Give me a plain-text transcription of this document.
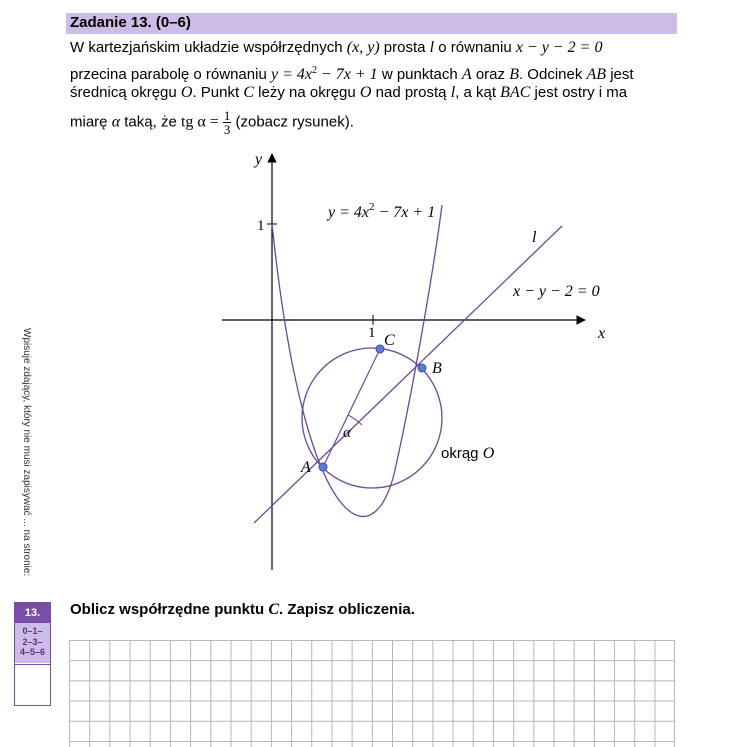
Zadanie 13. (0–6)
W kartezjańskim układzie współrzędnych (x, y) prosta l o równaniu x − y − 2 = 0
przecina parabolę o równaniu $y = 4x^2 - 7x + 1$ w punktach A oraz B. Odcinek AB jest
średnicą okręgu O. Punkt C leży na okręgu O nad prostą l, a kąt BAC jest ostry i ma
miarę α taką, że tg $\alpha = \frac{1}{3}$ (zobacz rysunek).
y
x
1
1
A
B
C
α
l
x − y − 2 = 0
$y = 4x^2 - 7x + 1$
okrąg O
Wpisuje zdający, który nie musi zapisywać ... na stronie:
13.
0–1–
2–3–
4–5–6
Oblicz współrzędne punktu C. Zapisz obliczenia.
